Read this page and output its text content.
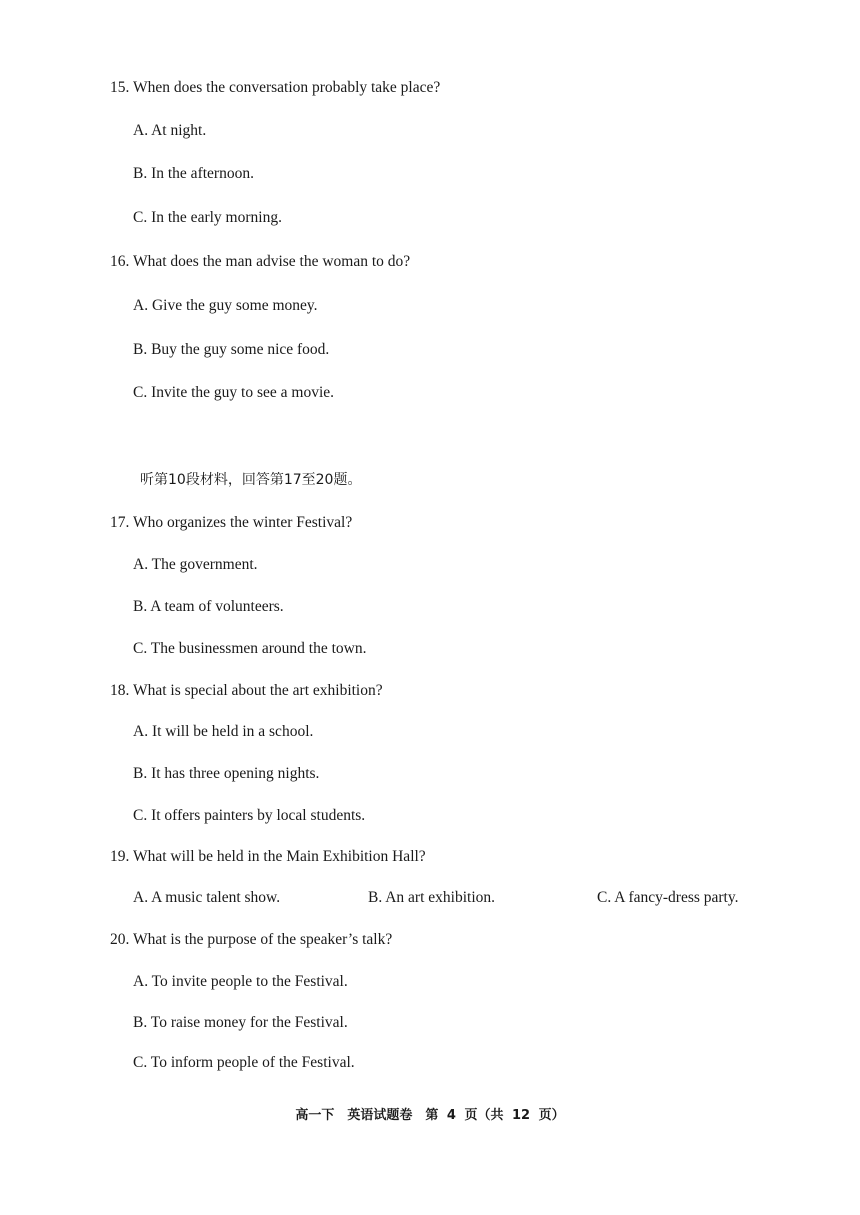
15. When does the conversation probably take place?
A. At night.
B. In the afternoon.
C. In the early morning.
16. What does the man advise the woman to do?
A. Give the guy some money.
B. Buy the guy some nice food.
C. Invite the guy to see a movie.
听第10段材料，回答第17至20题。
17. Who organizes the winter Festival?
A. The government.
B. A team of volunteers.
C. The businessmen around the town.
18. What is special about the art exhibition?
A. It will be held in a school.
B. It has three opening nights.
C. It offers painters by local students.
19. What will be held in the Main Exhibition Hall?
A. A music talent show.	B. An art exhibition.	C. A fancy-dress party.
20. What is the purpose of the speaker’s talk?
A. To invite people to the Festival.
B. To raise money for the Festival.
C. To inform people of the Festival.
高一下　英语试题卷　第 4 页（共 12 页）
